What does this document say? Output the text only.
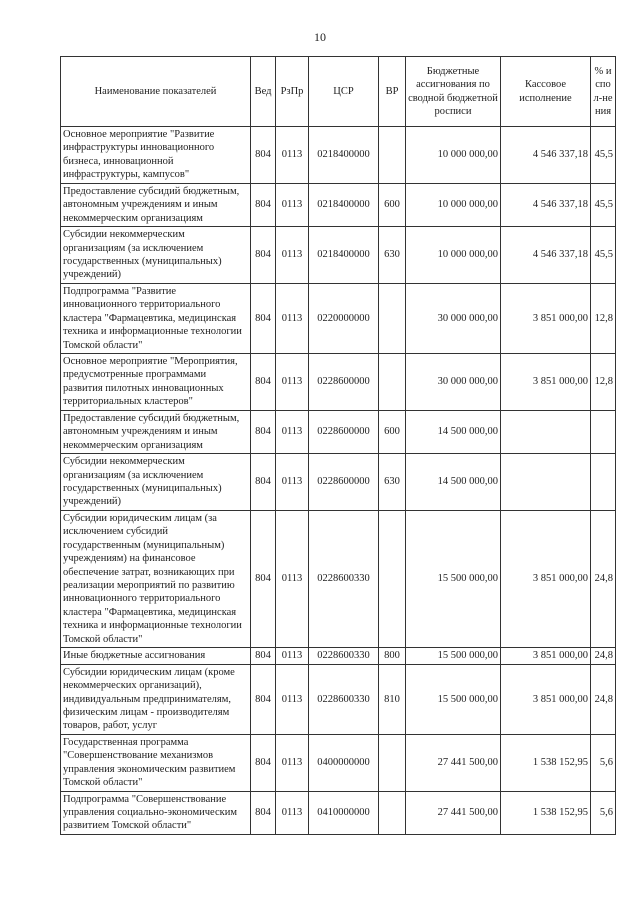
10
Наименование показателей	Вед	РзПр	ЦСР	ВР	Бюджетные ассигнования по сводной бюджетной росписи	Кассовое исполнение	% испол-нения
Основное мероприятие "Развитие инфраструктуры инновационного бизнеса, инновационной инфраструктуры, кампусов"	804	0113	0218400000		10 000 000,00	4 546 337,18	45,5
Предоставление субсидий бюджетным, автономным учреждениям и иным некоммерческим организациям	804	0113	0218400000	600	10 000 000,00	4 546 337,18	45,5
Субсидии некоммерческим организациям (за исключением государственных (муниципальных) учреждений)	804	0113	0218400000	630	10 000 000,00	4 546 337,18	45,5
Подпрограмма "Развитие инновационного территориального кластера "Фармацевтика, медицинская техника и информационные технологии Томской области"	804	0113	0220000000		30 000 000,00	3 851 000,00	12,8
Основное мероприятие "Мероприятия, предусмотренные программами развития пилотных инновационных территориальных кластеров"	804	0113	0228600000		30 000 000,00	3 851 000,00	12,8
Предоставление субсидий бюджетным, автономным учреждениям и иным некоммерческим организациям	804	0113	0228600000	600	14 500 000,00		
Субсидии некоммерческим организациям (за исключением государственных (муниципальных) учреждений)	804	0113	0228600000	630	14 500 000,00		
Субсидии юридическим лицам (за исключением субсидий государственным (муниципальным) учреждениям) на финансовое обеспечение затрат, возникающих при реализации мероприятий по развитию инновационного территориального кластера "Фармацевтика, медицинская техника и информационные технологии Томской области"	804	0113	0228600330		15 500 000,00	3 851 000,00	24,8
Иные бюджетные ассигнования	804	0113	0228600330	800	15 500 000,00	3 851 000,00	24,8
Субсидии юридическим лицам (кроме некоммерческих организаций), индивидуальным предпринимателям, физическим лицам - производителям товаров, работ, услуг	804	0113	0228600330	810	15 500 000,00	3 851 000,00	24,8
Государственная программа "Совершенствование механизмов управления экономическим развитием Томской области"	804	0113	0400000000		27 441 500,00	1 538 152,95	5,6
Подпрограмма "Совершенствование управления социально-экономическим развитием Томской области"	804	0113	0410000000		27 441 500,00	1 538 152,95	5,6
